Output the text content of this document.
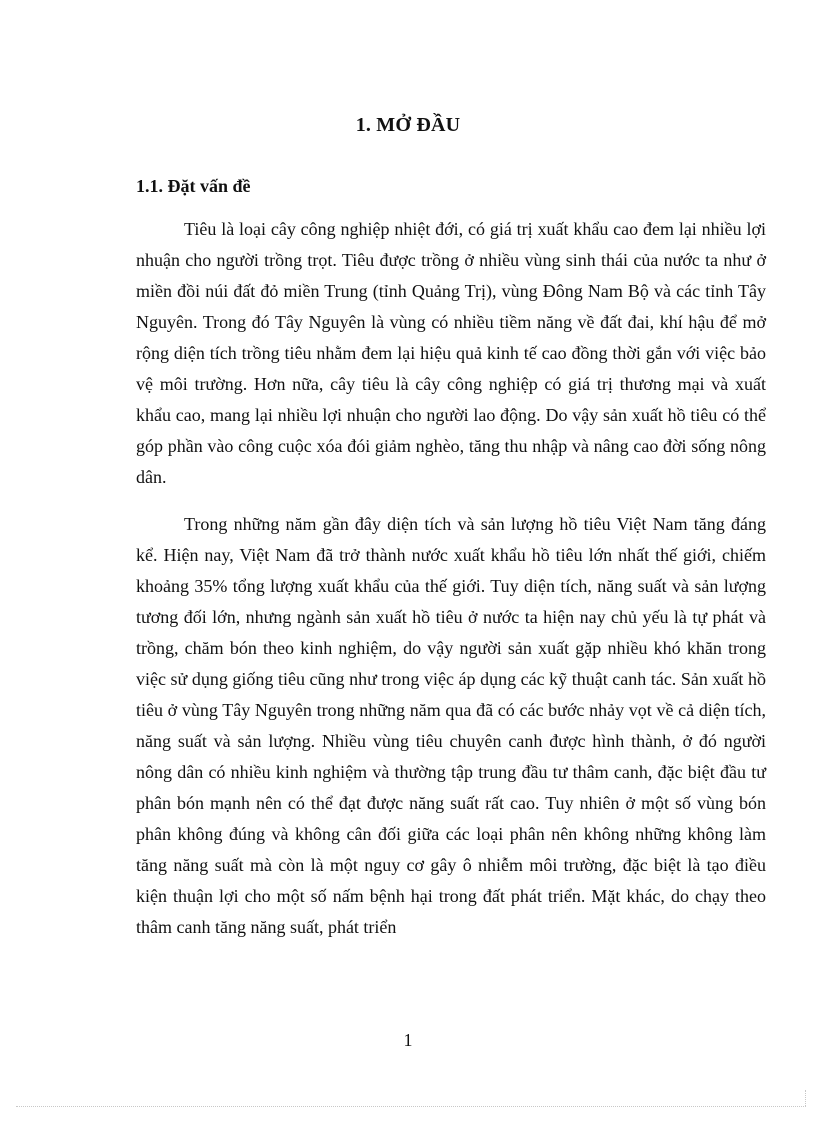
1. MỞ ĐẦU
1.1. Đặt vấn đề

Tiêu là loại cây công nghiệp nhiệt đới, có giá trị xuất khẩu cao đem lại nhiều lợi nhuận cho người trồng trọt. Tiêu được trồng ở nhiều vùng sinh thái của nước ta như ở miền đồi núi đất đỏ miền Trung (tỉnh Quảng Trị), vùng Đông Nam Bộ và các tỉnh Tây Nguyên. Trong đó Tây Nguyên là vùng có nhiều tiềm năng về đất đai, khí hậu để mở rộng diện tích trồng tiêu nhằm đem lại hiệu quả kinh tế cao đồng thời gắn với việc bảo vệ môi trường. Hơn nữa, cây tiêu là cây công nghiệp có giá trị thương mại và xuất khẩu cao, mang lại nhiều lợi nhuận cho người lao động. Do vậy sản xuất hồ tiêu có thể góp phần vào công cuộc xóa đói giảm nghèo, tăng thu nhập và nâng cao đời sống nông dân.

Trong những năm gần đây diện tích và sản lượng hồ tiêu Việt Nam tăng đáng kể. Hiện nay, Việt Nam đã trở thành nước xuất khẩu hồ tiêu lớn nhất thế giới, chiếm khoảng 35% tổng lượng xuất khẩu của thế giới. Tuy diện tích, năng suất và sản lượng tương đối lớn, nhưng ngành sản xuất hồ tiêu ở nước ta hiện nay chủ yếu là tự phát và trồng, chăm bón theo kinh nghiệm, do vậy người sản xuất gặp nhiều khó khăn trong việc sử dụng giống tiêu cũng như trong việc áp dụng các kỹ thuật canh tác. Sản xuất hồ tiêu ở vùng Tây Nguyên trong những năm qua đã có các bước nhảy vọt về cả diện tích, năng suất và sản lượng. Nhiều vùng tiêu chuyên canh được hình thành, ở đó người nông dân có nhiều kinh nghiệm và thường tập trung đầu tư thâm canh, đặc biệt đầu tư phân bón mạnh nên có thể đạt được năng suất rất cao. Tuy nhiên ở một số vùng bón phân không đúng và không cân đối giữa các loại phân nên không những không làm tăng năng suất mà còn là một nguy cơ gây ô nhiễm môi trường, đặc biệt là tạo điều kiện thuận lợi cho một số nấm bệnh hại trong đất phát triển. Mặt khác, do chạy theo thâm canh tăng năng suất, phát triển

1
